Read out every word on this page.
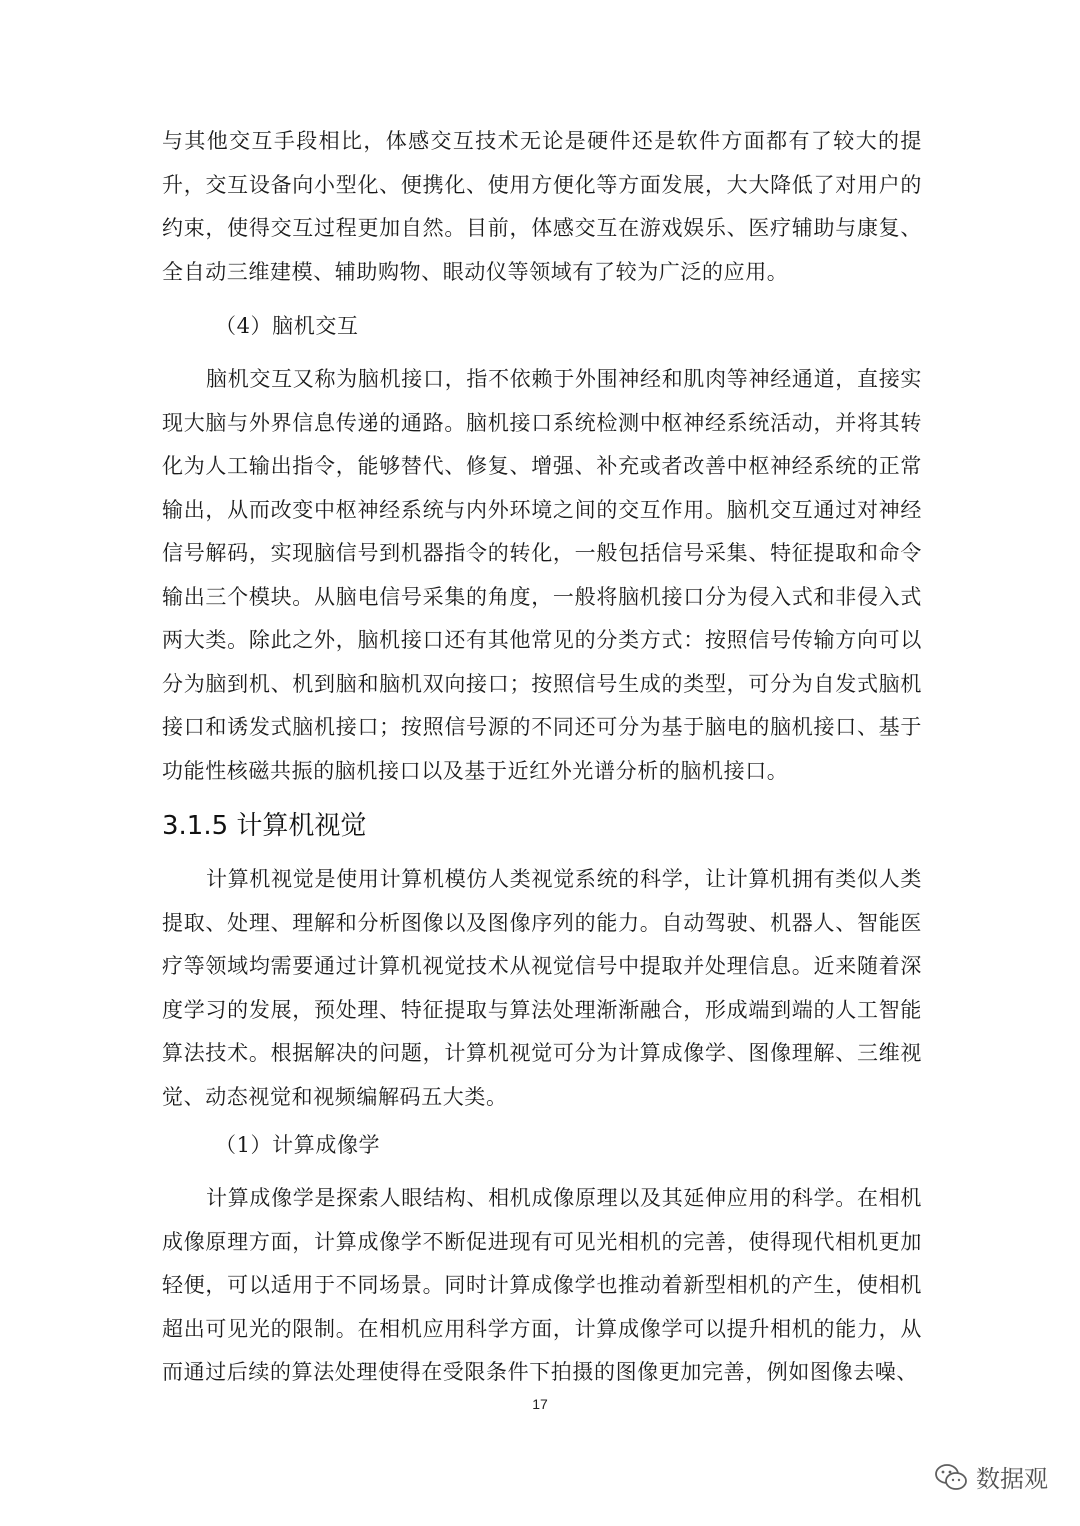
与其他交互手段相比，体感交互技术无论是硬件还是软件方面都有了较大的提升，交互设备向小型化、便携化、使用方便化等方面发展，大大降低了对用户的约束，使得交互过程更加自然。目前，体感交互在游戏娱乐、医疗辅助与康复、全自动三维建模、辅助购物、眼动仪等领域有了较为广泛的应用。
（4）脑机交互
脑机交互又称为脑机接口，指不依赖于外围神经和肌肉等神经通道，直接实现大脑与外界信息传递的通路。脑机接口系统检测中枢神经系统活动，并将其转化为人工输出指令，能够替代、修复、增强、补充或者改善中枢神经系统的正常输出，从而改变中枢神经系统与内外环境之间的交互作用。脑机交互通过对神经信号解码，实现脑信号到机器指令的转化，一般包括信号采集、特征提取和命令输出三个模块。从脑电信号采集的角度，一般将脑机接口分为侵入式和非侵入式两大类。除此之外，脑机接口还有其他常见的分类方式：按照信号传输方向可以分为脑到机、机到脑和脑机双向接口；按照信号生成的类型，可分为自发式脑机接口和诱发式脑机接口；按照信号源的不同还可分为基于脑电的脑机接口、基于功能性核磁共振的脑机接口以及基于近红外光谱分析的脑机接口。
3.1.5 计算机视觉
计算机视觉是使用计算机模仿人类视觉系统的科学，让计算机拥有类似人类提取、处理、理解和分析图像以及图像序列的能力。自动驾驶、机器人、智能医疗等领域均需要通过计算机视觉技术从视觉信号中提取并处理信息。近来随着深度学习的发展，预处理、特征提取与算法处理渐渐融合，形成端到端的人工智能算法技术。根据解决的问题，计算机视觉可分为计算成像学、图像理解、三维视觉、动态视觉和视频编解码五大类。
（1）计算成像学
计算成像学是探索人眼结构、相机成像原理以及其延伸应用的科学。在相机成像原理方面，计算成像学不断促进现有可见光相机的完善，使得现代相机更加轻便，可以适用于不同场景。同时计算成像学也推动着新型相机的产生，使相机超出可见光的限制。在相机应用科学方面，计算成像学可以提升相机的能力，从而通过后续的算法处理使得在受限条件下拍摄的图像更加完善，例如图像去噪、
17
数据观
